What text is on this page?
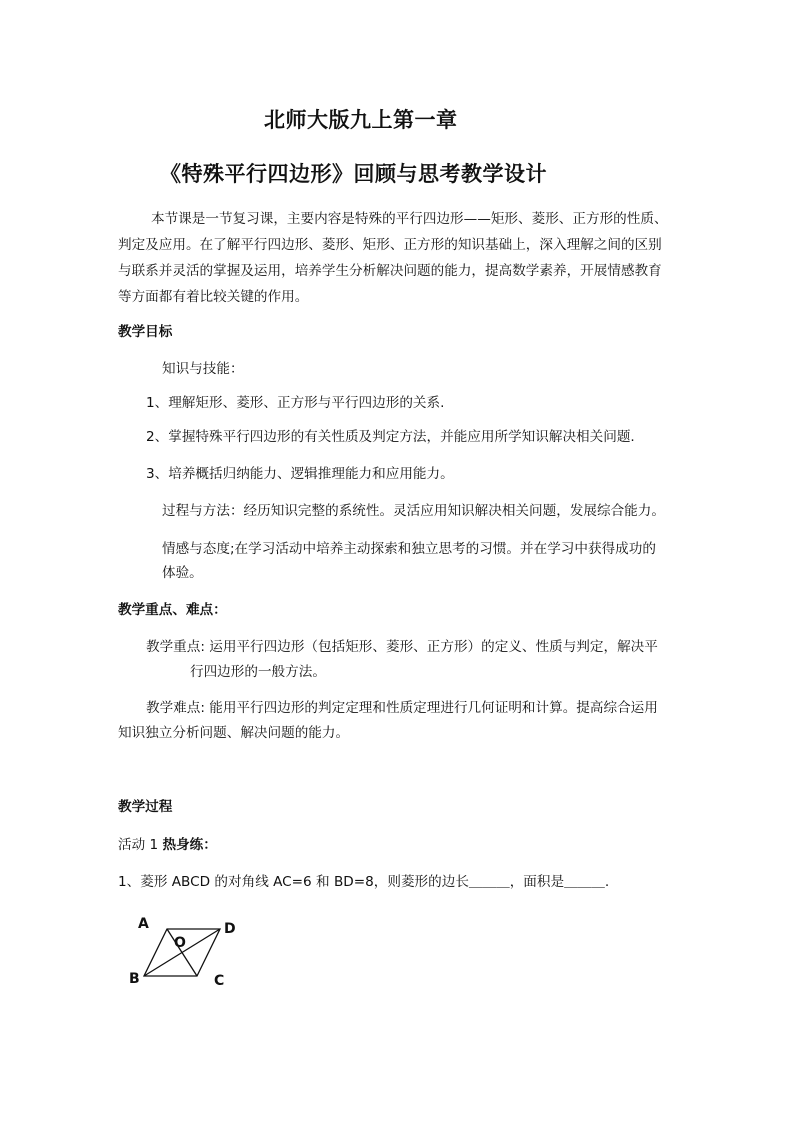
北师大版九上第一章
《特殊平行四边形》回顾与思考教学设计

本节课是一节复习课，主要内容是特殊的平行四边形——矩形、菱形、正方形的性质、

判定及应用。在了解平行四边形、菱形、矩形、正方形的知识基础上，深入理解之间的区别

与联系并灵活的掌握及运用，培养学生分析解决问题的能力，提高数学素养，开展情感教育

等方面都有着比较关键的作用。

教学目标
知识与技能：
1、理解矩形、菱形、正方形与平行四边形的关系.
2、掌握特殊平行四边形的有关性质及判定方法，并能应用所学知识解决相关问题.
3、培养概括归纳能力、逻辑推理能力和应用能力。
过程与方法：经历知识完整的系统性。灵活应用知识解决相关问题，发展综合能力。
情感与态度;在学习活动中培养主动探索和独立思考的习惯。并在学习中获得成功的
体验。
教学重点、难点：
教学重点: 运用平行四边形（包括矩形、菱形、正方形）的定义、性质与判定，解决平
行四边形的一般方法。
教学难点: 能用平行四边形的判定定理和性质定理进行几何证明和计算。提高综合运用
知识独立分析问题、解决问题的能力。
教学过程
活动 1 热身练：
1、菱形 ABCD 的对角线 AC=6 和 BD=8，则菱形的边长＿＿＿，面积是＿＿＿.
A
O
D
B	C
